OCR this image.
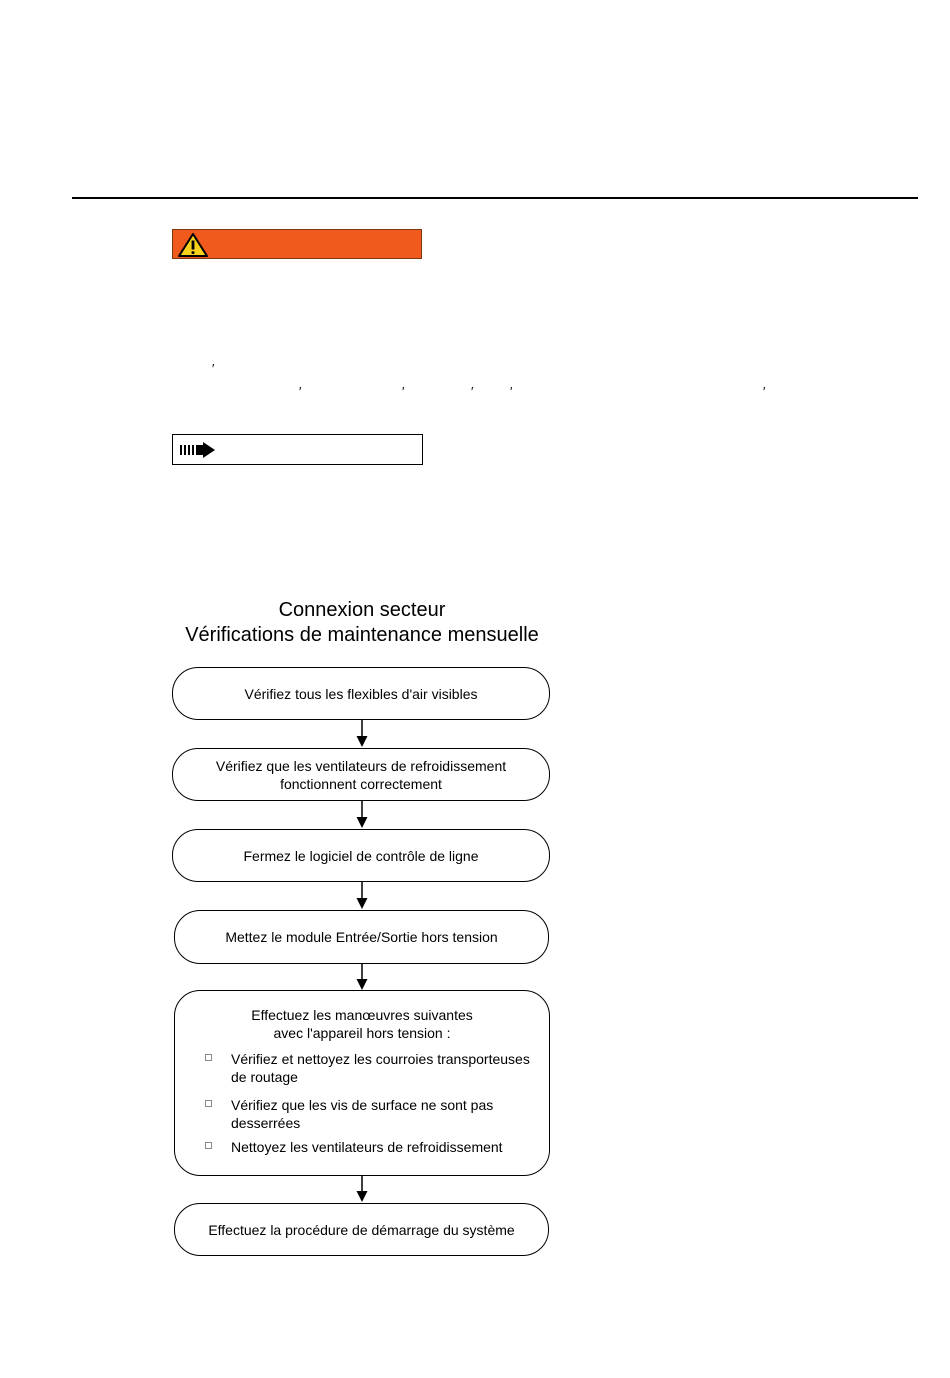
′
′	′	′	′	′
Connexion secteur
Vérifications de maintenance mensuelle
Vérifiez tous les flexibles d'air visibles
Vérifiez que les ventilateurs de refroidissement
fonctionnent correctement
Fermez le logiciel de contrôle de ligne
Mettez le module Entrée/Sortie hors tension
Effectuez les manœuvres suivantes
avec l'appareil hors tension :
Vérifiez et nettoyez les courroies transporteuses
de routage
Vérifiez que les vis de surface ne sont pas
desserrées
Nettoyez les ventilateurs de refroidissement
Effectuez la procédure de démarrage du système
